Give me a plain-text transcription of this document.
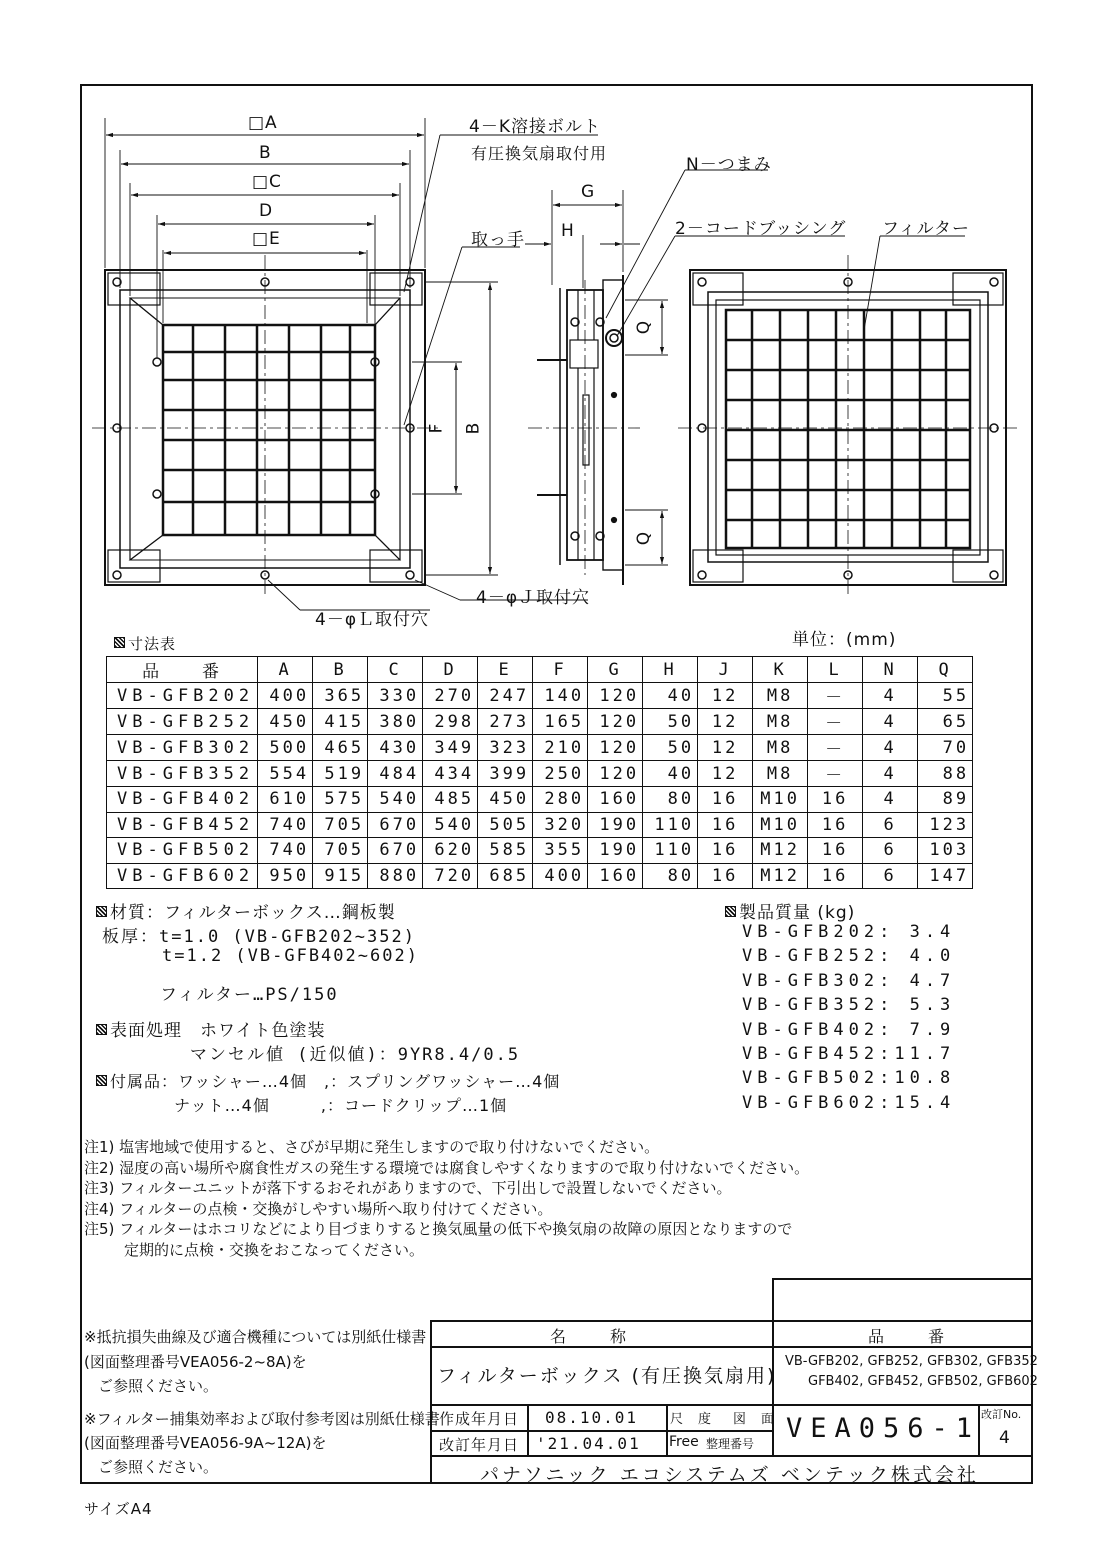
□A
B
□C
D
□E
F B
G
H
Q
Q
4－K溶接ボルト
有圧換気扇取付用
取っ手
N－つまみ
2－コードブッシング フィルター
4－φＬ取付穴
4－φＪ取付穴
寸法表	単位：(mm)
品　　番	A	B	C	D	E	F	G	H	J	K	L	N	Q
VB-GFB202	400	365	330	270	247	140	120	40	12	M8	－	4	55
VB-GFB252	450	415	380	298	273	165	120	50	12	M8	－	4	65
VB-GFB302	500	465	430	349	323	210	120	50	12	M8	－	4	70
VB-GFB352	554	519	484	434	399	250	120	40	12	M8	－	4	88
VB-GFB402	610	575	540	485	450	280	160	80	16	M10	16	4	89
VB-GFB452	740	705	670	540	505	320	190	110	16	M10	16	6	123
VB-GFB502	740	705	670	620	585	355	190	110	16	M12	16	6	103
VB-GFB602	950	915	880	720	685	400	160	80	16	M12	16	6	147
材質：フィルターボックス…鋼板製
板厚：t=1.0 (VB-GFB202~352)
t=1.2 (VB-GFB402~602)
フィルター…PS/150
表面処理　ホワイト色塗装
マンセル値 (近似値)：9YR8.4/0.5
付属品：ワッシャー…4個　,：スプリングワッシャー…4個
ナット…4個　　　,：コードクリップ…1個
製品質量 (kg)
VB-GFB202: 3.4
VB-GFB252: 4.0
VB-GFB302: 4.7
VB-GFB352: 5.3
VB-GFB402: 7.9
VB-GFB452:11.7
VB-GFB502:10.8
VB-GFB602:15.4
注1) 塩害地域で使用すると、さびが早期に発生しますので取り付けないでください。
注2) 湿度の高い場所や腐食性ガスの発生する環境では腐食しやすくなりますので取り付けないでください。
注3) フィルターユニットが落下するおそれがありますので、下引出しで設置しないでください。
注4) フィルターの点検・交換がしやすい場所へ取り付けてください。
注5) フィルターはホコリなどにより目づまりすると換気風量の低下や換気扇の故障の原因となりますので
定期的に点検・交換をおこなってください。
名　　称
フィルターボックス (有圧換気扇用)
品　　番
VB-GFB202, GFB252, GFB302, GFB352
GFB402, GFB452, GFB502, GFB602
作成年月日 08.10.01
改訂年月日 '21.04.01
尺　度 図　面
Free 整理番号 VEA056-1 改訂No.
4
パナソニック エコシステムズ ベンテック株式会社
※抵抗損失曲線及び適合機種については別紙仕様書
(図面整理番号VEA056-2~8A)を
ご参照ください。
※フィルター捕集効率および取付参考図は別紙仕様書
(図面整理番号VEA056-9A~12A)を
ご参照ください。
サイズA4
